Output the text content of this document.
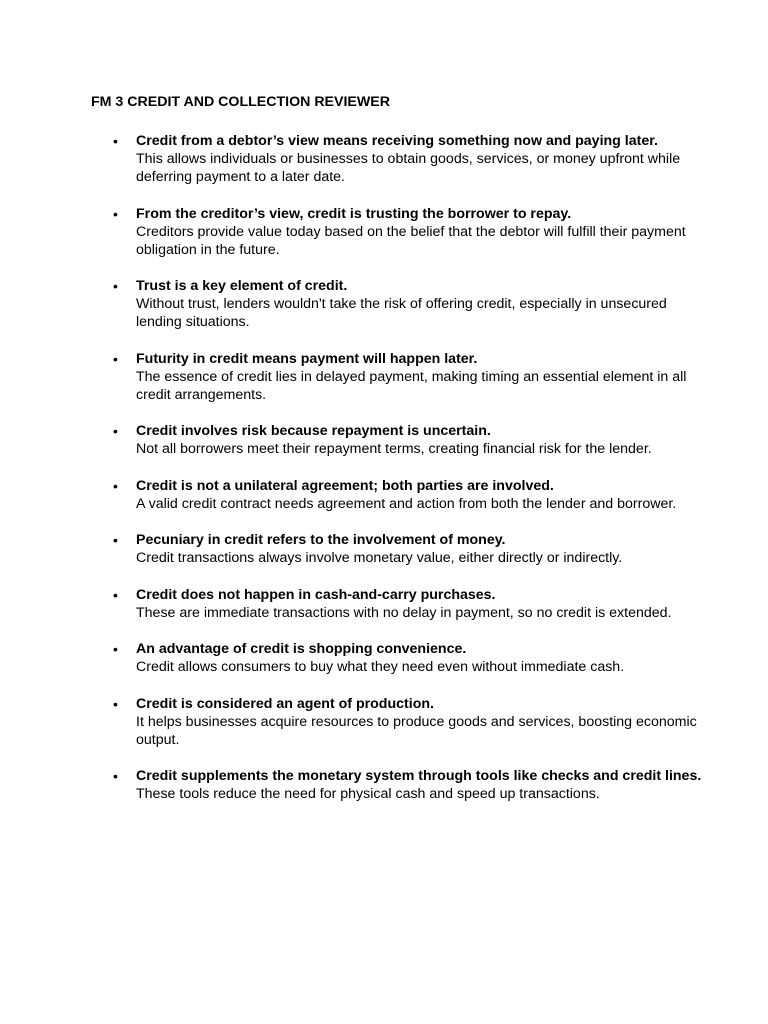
FM 3 CREDIT AND COLLECTION REVIEWER
• Credit from a debtor’s view means receiving something now and paying later.
This allows individuals or businesses to obtain goods, services, or money upfront while deferring payment to a later date.
• From the creditor’s view, credit is trusting the borrower to repay.
Creditors provide value today based on the belief that the debtor will fulfill their payment obligation in the future.
• Trust is a key element of credit.
Without trust, lenders wouldn't take the risk of offering credit, especially in unsecured lending situations.
• Futurity in credit means payment will happen later.
The essence of credit lies in delayed payment, making timing an essential element in all credit arrangements.
• Credit involves risk because repayment is uncertain.
Not all borrowers meet their repayment terms, creating financial risk for the lender.
• Credit is not a unilateral agreement; both parties are involved.
A valid credit contract needs agreement and action from both the lender and borrower.
• Pecuniary in credit refers to the involvement of money.
Credit transactions always involve monetary value, either directly or indirectly.
• Credit does not happen in cash-and-carry purchases.
These are immediate transactions with no delay in payment, so no credit is extended.
• An advantage of credit is shopping convenience.
Credit allows consumers to buy what they need even without immediate cash.
• Credit is considered an agent of production.
It helps businesses acquire resources to produce goods and services, boosting economic output.
• Credit supplements the monetary system through tools like checks and credit lines.
These tools reduce the need for physical cash and speed up transactions.
